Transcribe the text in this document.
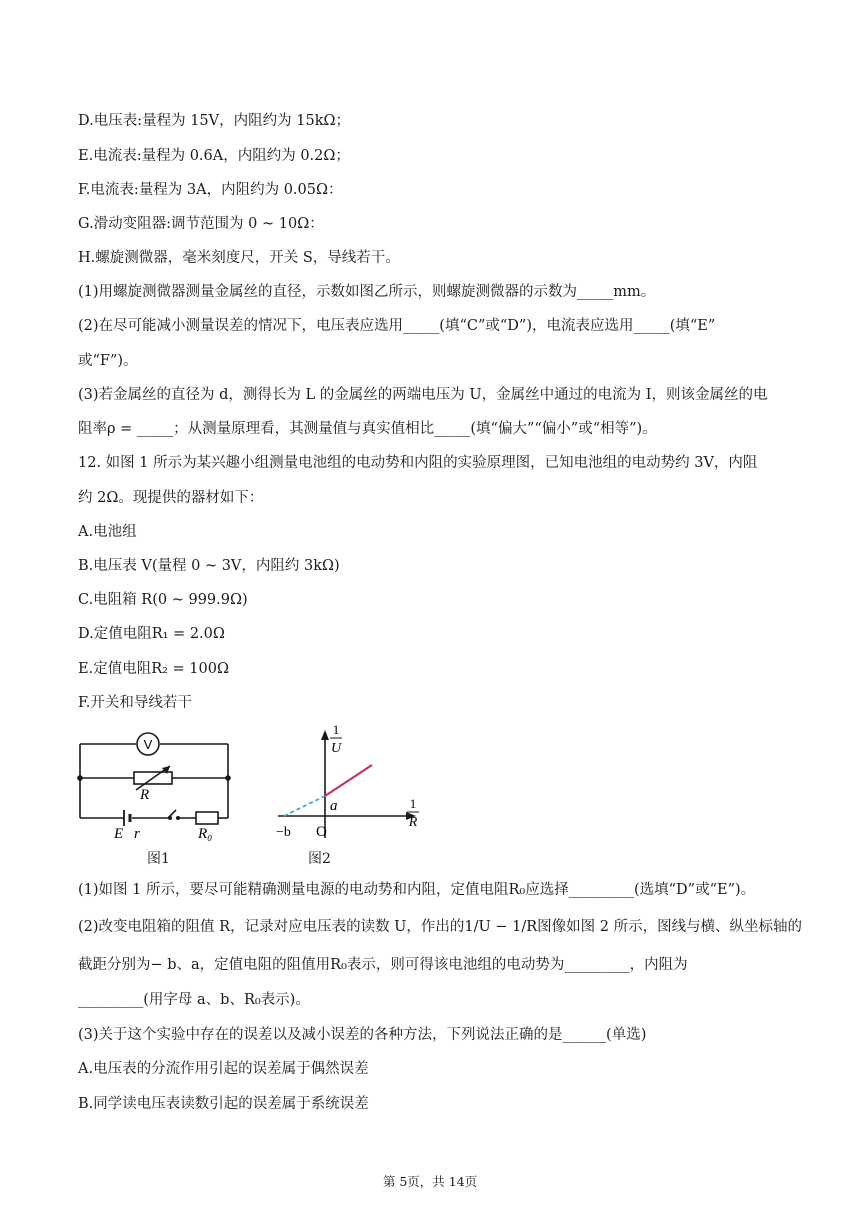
D.电压表:量程为 15V，内阻约为 15kΩ；
E.电流表:量程为 0.6A，内阻约为 0.2Ω；
F.电流表:量程为 3A，内阻约为 0.05Ω：
G.滑动变阻器:调节范围为 0 ~ 10Ω：
H.螺旋测微器，毫米刻度尺，开关 S，导线若干。
(1)用螺旋测微器测量金属丝的直径，示数如图乙所示，则螺旋测微器的示数为_____mm。
(2)在尽可能减小测量误差的情况下，电压表应选用_____(填“C”或“D”)，电流表应选用_____(填“E”
或“F”)。
(3)若金属丝的直径为 d，测得长为 L 的金属丝的两端电压为 U，金属丝中通过的电流为 I，则该金属丝的电
阻率ρ = _____；从测量原理看，其测量值与真实值相比_____(填“偏大”“偏小”或“相等”)。
12. 如图 1 所示为某兴趣小组测量电池组的电动势和内阻的实验原理图，已知电池组的电动势约 3V，内阻
约 2Ω。现提供的器材如下：
A.电池组
B.电压表 V(量程 0 ~ 3V，内阻约 3kΩ)
C.电阻箱 R(0 ~ 999.9Ω)
D.定值电阻R₁ = 2.0Ω
E.定值电阻R₂ = 100Ω
F.开关和导线若干
V
R
E r	R₀
图1
1
U
1
R
a
O
−b
图2
(1)如图 1 所示，要尽可能精确测量电源的电动势和内阻，定值电阻R₀应选择_________(选填“D”或“E”)。
(2)改变电阻箱的阻值 R，记录对应电压表的读数 U，作出的1/U − 1/R图像如图 2 所示，图线与横、纵坐标轴的
截距分别为− b、a，定值电阻的阻值用R₀表示，则可得该电池组的电动势为_________，内阻为
_________(用字母 a、b、R₀表示)。
(3)关于这个实验中存在的误差以及减小误差的各种方法，下列说法正确的是______(单选)
A.电压表的分流作用引起的误差属于偶然误差
B.同学读电压表读数引起的误差属于系统误差
第 5页，共 14页
